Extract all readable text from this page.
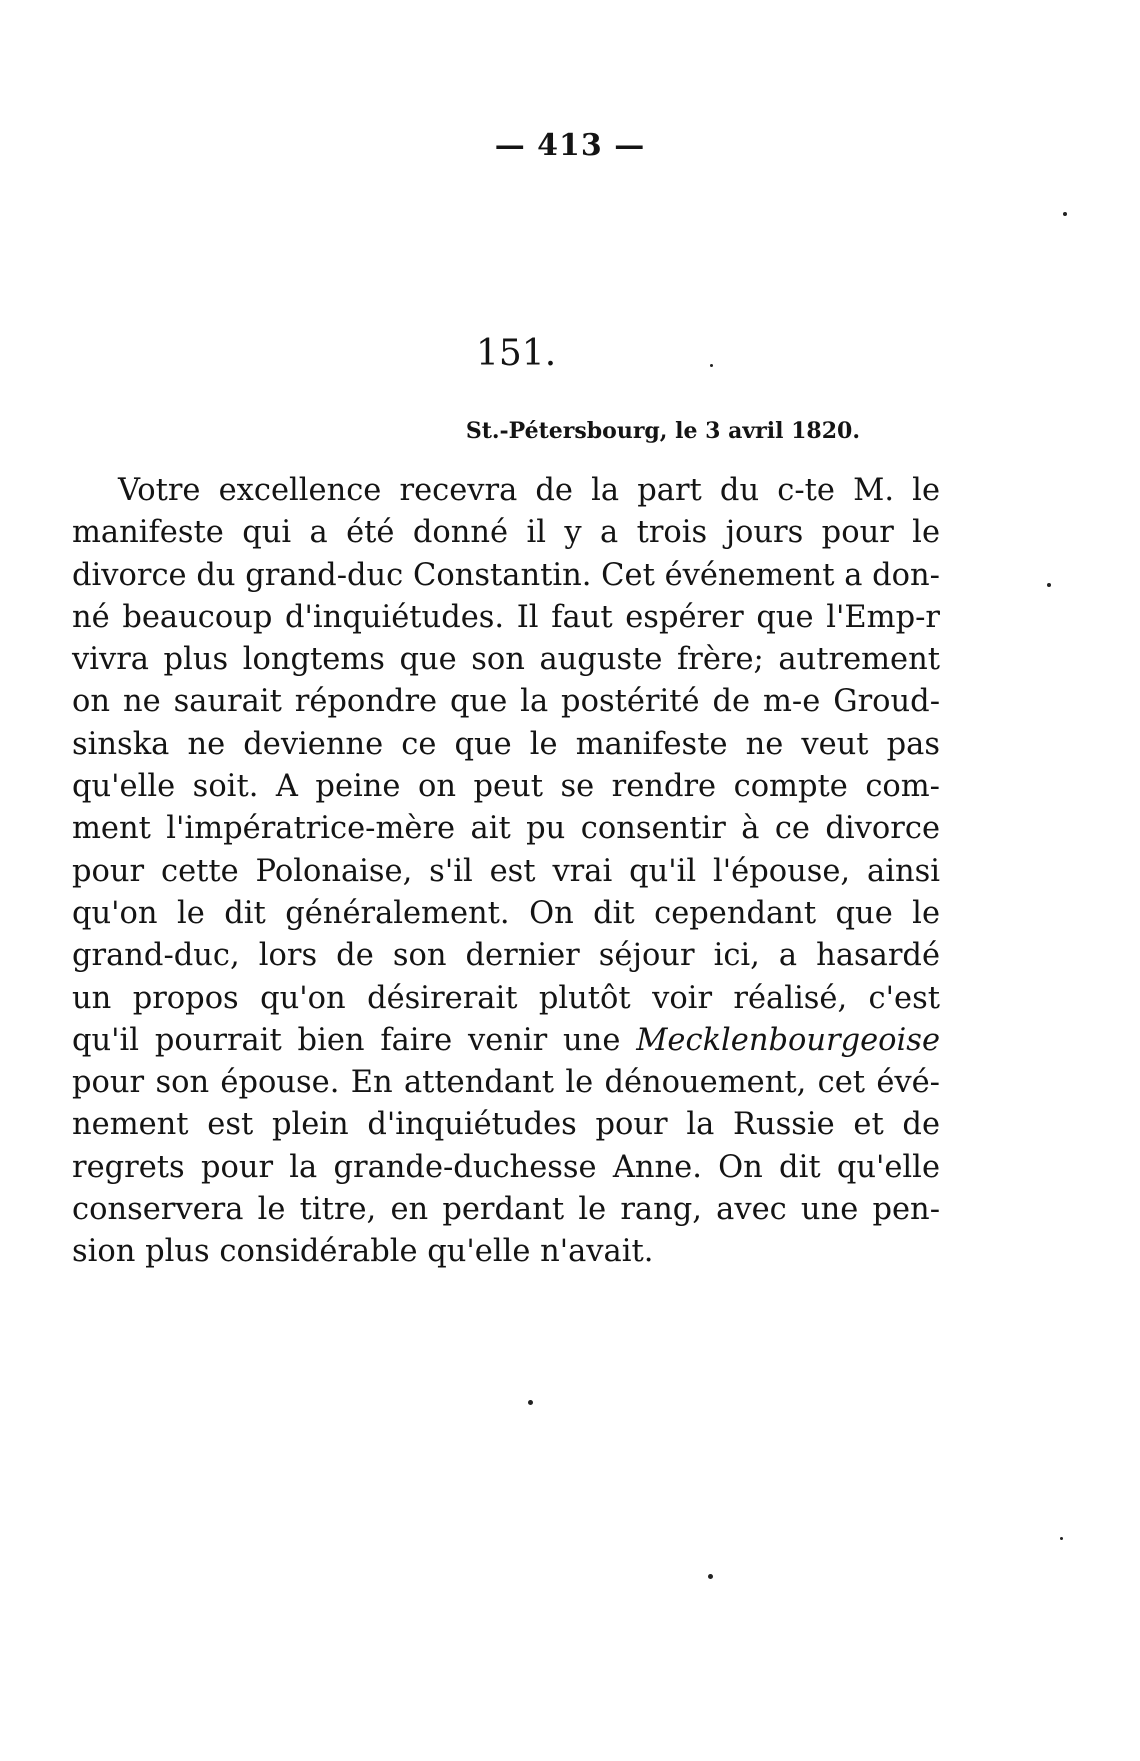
— 413 —
151.
St.-Pétersbourg, le 3 avril 1820.
Votre excellence recevra de la part du c-te M. le
manifeste qui a été donné il y a trois jours pour le
divorce du grand-duc Constantin. Cet événement a don-
né beaucoup d'inquiétudes. Il faut espérer que l'Emp-r
vivra plus longtems que son auguste frère; autrement
on ne saurait répondre que la postérité de m-e Groud-
sinska ne devienne ce que le manifeste ne veut pas
qu'elle soit. A peine on peut se rendre compte com-
ment l'impératrice-mère ait pu consentir à ce divorce
pour cette Polonaise, s'il est vrai qu'il l'épouse, ainsi
qu'on le dit généralement. On dit cependant que le
grand-duc, lors de son dernier séjour ici, a hasardé
un propos qu'on désirerait plutôt voir réalisé, c'est
qu'il pourrait bien faire venir une Mecklenbourgeoise
pour son épouse. En attendant le dénouement, cet évé-
nement est plein d'inquiétudes pour la Russie et de
regrets pour la grande-duchesse Anne. On dit qu'elle
conservera le titre, en perdant le rang, avec une pen-
sion plus considérable qu'elle n'avait.
